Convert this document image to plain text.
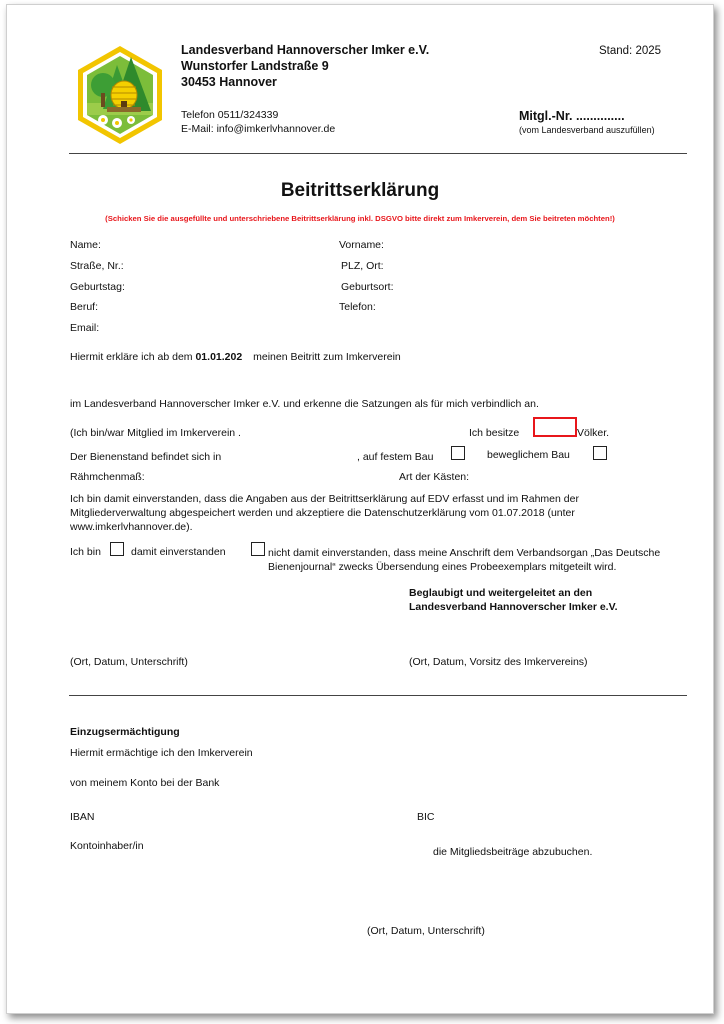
Landesverband Hannoverscher Imker e.V.
Wunstorfer Landstraße 9
30453 Hannover
Telefon 0511/324339
E-Mail: info@imkerlvhannover.de
Stand: 2025
Mitgl.-Nr. ..............
(vom Landesverband auszufüllen)
Beitrittserklärung
(Schicken Sie die ausgefüllte und unterschriebene Beitrittserklärung inkl. DSGVO bitte direkt zum Imkerverein, dem Sie beitreten möchten!)
Name:	Vorname:
Straße, Nr.:	PLZ, Ort:
Geburtstag:	Geburtsort:
Beruf:	Telefon:
Email:
Hiermit erkläre ich ab dem 01.01.202 meinen Beitritt zum Imkerverein
im Landesverband Hannoverscher Imker e.V. und erkenne die Satzungen als für mich verbindlich an.
(Ich bin/war Mitglied im Imkerverein .	Ich besitze	Völker.
Der Bienenstand befindet sich in	, auf festem Bau	beweglichem Bau
Rähmchenmaß:	Art der Kästen:
Ich bin damit einverstanden, dass die Angaben aus der Beitrittserklärung auf EDV erfasst und im Rahmen der Mitgliederverwaltung abgespeichert werden und akzeptiere die Datenschutzerklärung vom 01.07.2018 (unter www.imkerlvhannover.de).
Ich bin	damit einverstanden	nicht damit einverstanden, dass meine Anschrift dem Verbandsorgan „Das Deutsche Bienenjournal“ zwecks Übersendung eines Probeexemplars mitgeteilt wird.
Beglaubigt und weitergeleitet an den
Landesverband Hannoverscher Imker e.V.
(Ort, Datum, Unterschrift)	(Ort, Datum, Vorsitz des Imkervereins)
Einzugsermächtigung
Hiermit ermächtige ich den Imkerverein
von meinem Konto bei der Bank
IBAN	BIC
Kontoinhaber/in	die Mitgliedsbeiträge abzubuchen.
(Ort, Datum, Unterschrift)
